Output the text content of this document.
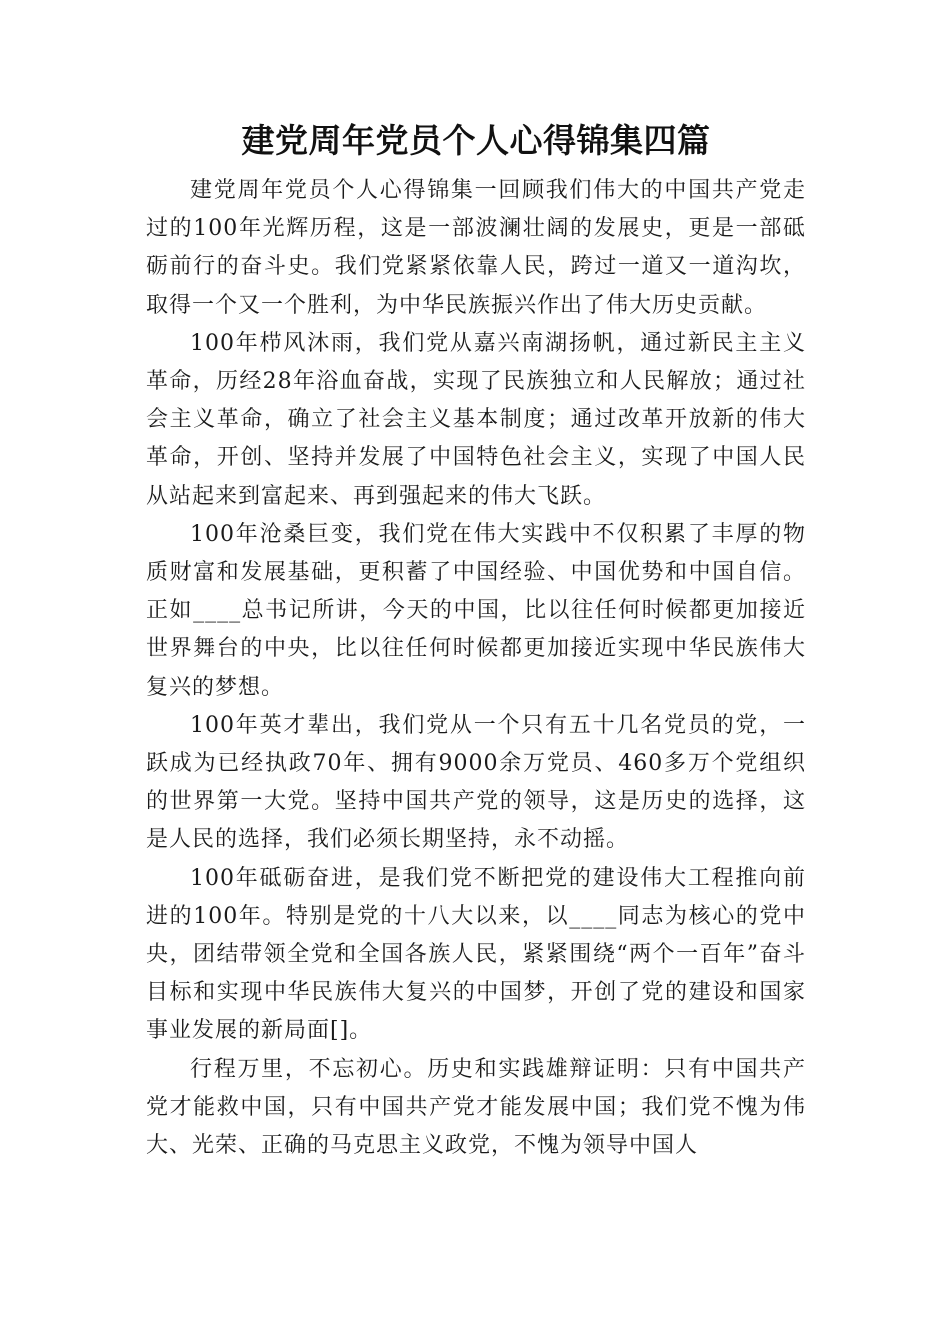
建党周年党员个人心得锦集四篇

建党周年党员个人心得锦集一回顾我们伟大的中国共产党走过的100年光辉历程，这是一部波澜壮阔的发展史，更是一部砥砺前行的奋斗史。我们党紧紧依靠人民，跨过一道又一道沟坎，取得一个又一个胜利，为中华民族振兴作出了伟大历史贡献。

100年栉风沐雨，我们党从嘉兴南湖扬帆，通过新民主主义革命，历经28年浴血奋战，实现了民族独立和人民解放；通过社会主义革命，确立了社会主义基本制度；通过改革开放新的伟大革命，开创、坚持并发展了中国特色社会主义，实现了中国人民从站起来到富起来、再到强起来的伟大飞跃。

100年沧桑巨变，我们党在伟大实践中不仅积累了丰厚的物质财富和发展基础，更积蓄了中国经验、中国优势和中国自信。正如____总书记所讲，今天的中国，比以往任何时候都更加接近世界舞台的中央，比以往任何时候都更加接近实现中华民族伟大复兴的梦想。

100年英才辈出，我们党从一个只有五十几名党员的党，一跃成为已经执政70年、拥有9000余万党员、460多万个党组织的世界第一大党。坚持中国共产党的领导，这是历史的选择，这是人民的选择，我们必须长期坚持，永不动摇。

100年砥砺奋进，是我们党不断把党的建设伟大工程推向前进的100年。特别是党的十八大以来，以____同志为核心的党中央，团结带领全党和全国各族人民，紧紧围绕“两个一百年”奋斗目标和实现中华民族伟大复兴的中国梦，开创了党的建设和国家事业发展的新局面[]。

行程万里，不忘初心。历史和实践雄辩证明：只有中国共产党才能救中国，只有中国共产党才能发展中国；我们党不愧为伟大、光荣、正确的马克思主义政党，不愧为领导中国人
